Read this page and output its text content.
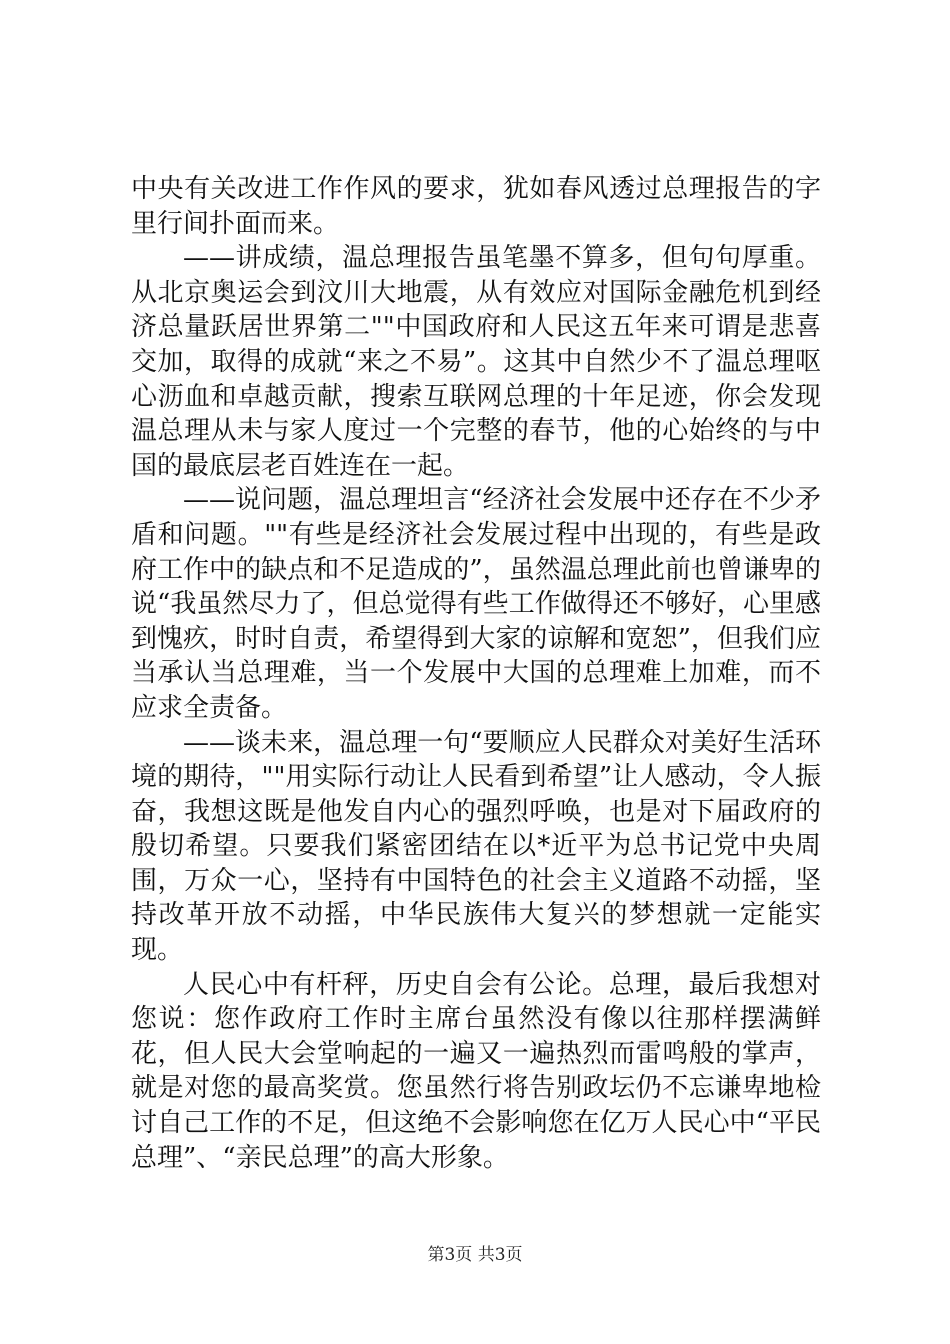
中央有关改进工作作风的要求，犹如春风透过总理报告的字里行间扑面而来。

——讲成绩，温总理报告虽笔墨不算多，但句句厚重。从北京奥运会到汶川大地震，从有效应对国际金融危机到经济总量跃居世界第二""中国政府和人民这五年来可谓是悲喜交加，取得的成就“来之不易”。这其中自然少不了温总理呕心沥血和卓越贡献，搜索互联网总理的十年足迹，你会发现温总理从未与家人度过一个完整的春节，他的心始终的与中国的最底层老百姓连在一起。

——说问题，温总理坦言“经济社会发展中还存在不少矛盾和问题。""有些是经济社会发展过程中出现的，有些是政府工作中的缺点和不足造成的”，虽然温总理此前也曾谦卑的说“我虽然尽力了，但总觉得有些工作做得还不够好，心里感到愧疚，时时自责，希望得到大家的谅解和宽恕”，但我们应当承认当总理难，当一个发展中大国的总理难上加难，而不应求全责备。

——谈未来，温总理一句“要顺应人民群众对美好生活环境的期待，""用实际行动让人民看到希望”让人感动，令人振奋，我想这既是他发自内心的强烈呼唤，也是对下届政府的殷切希望。只要我们紧密团结在以*近平为总书记党中央周围，万众一心，坚持有中国特色的社会主义道路不动摇，坚持改革开放不动摇，中华民族伟大复兴的梦想就一定能实现。

人民心中有杆秤，历史自会有公论。总理，最后我想对您说：您作政府工作时主席台虽然没有像以往那样摆满鲜花，但人民大会堂响起的一遍又一遍热烈而雷鸣般的掌声，就是对您的最高奖赏。您虽然行将告别政坛仍不忘谦卑地检讨自己工作的不足，但这绝不会影响您在亿万人民心中“平民总理”、“亲民总理”的高大形象。

第3页 共3页
